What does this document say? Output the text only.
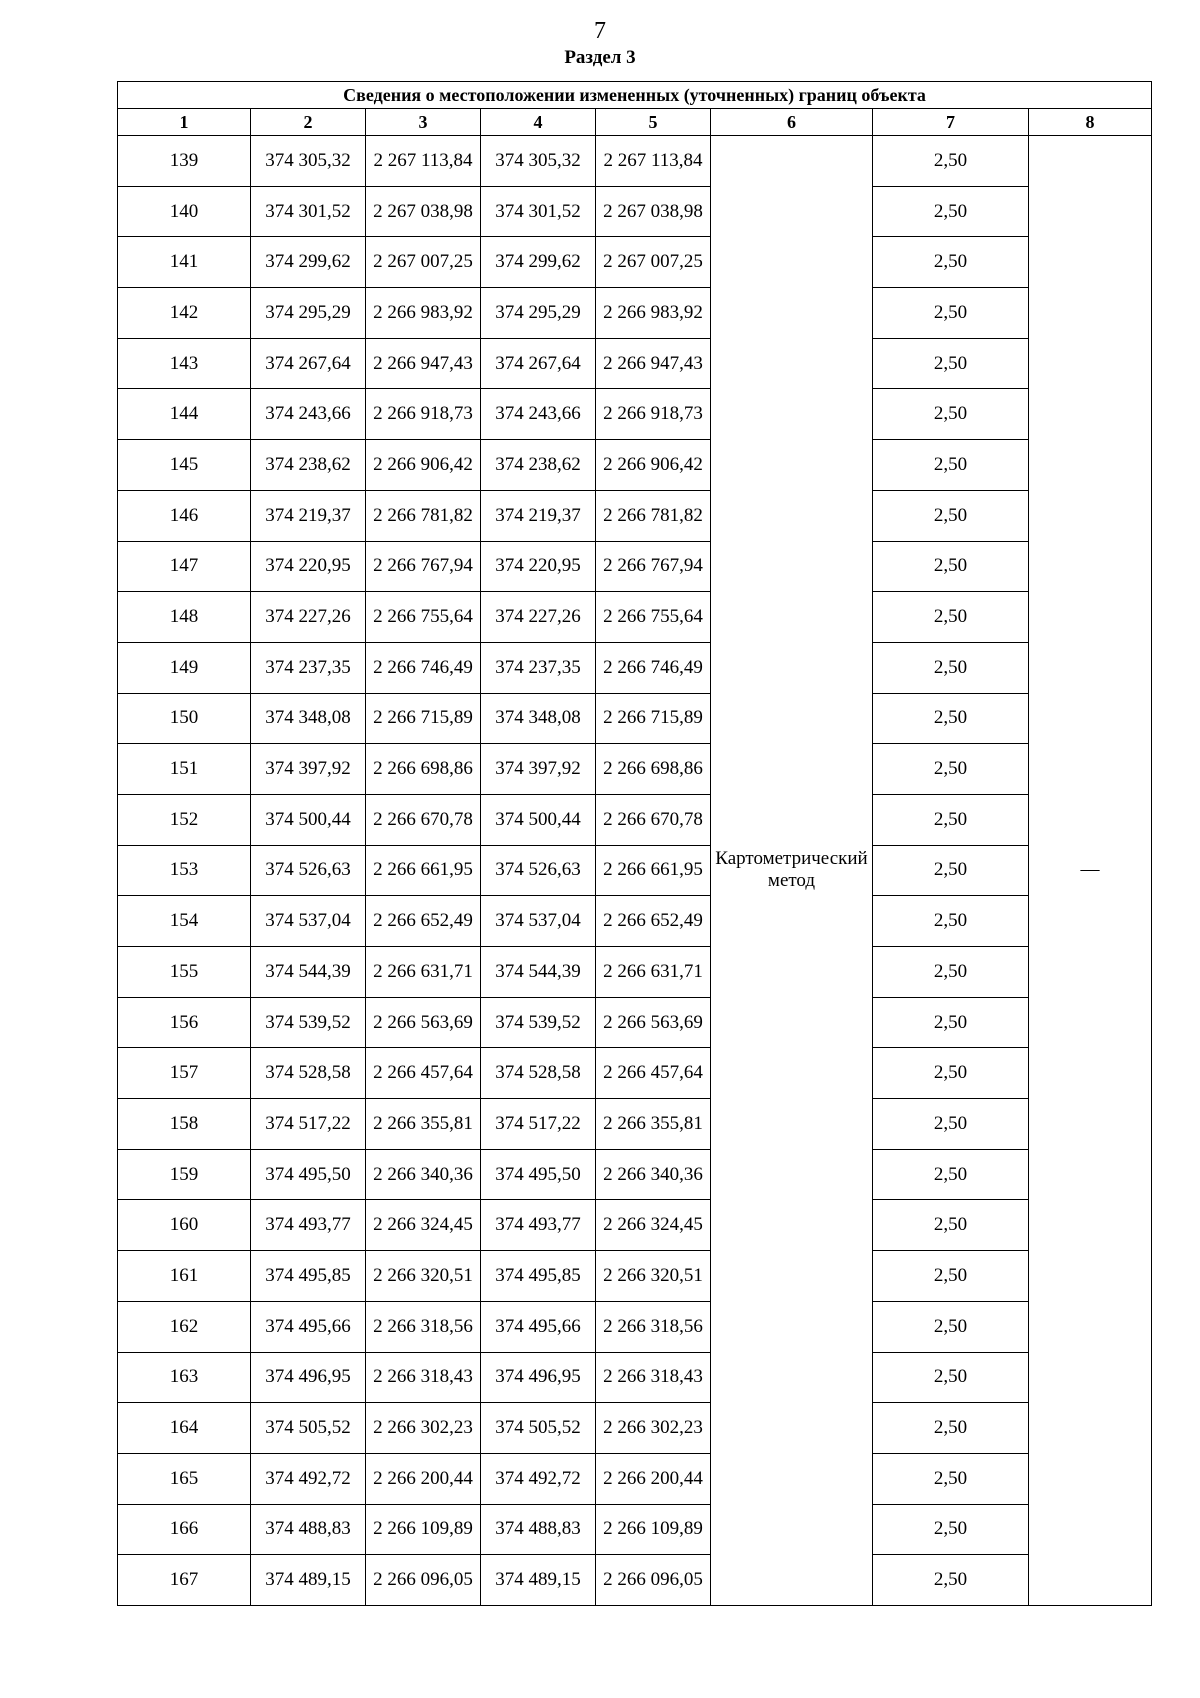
7
Раздел 3
Сведения о местоположении измененных (уточненных) границ объекта							
1	2	3	4	5	6	7	8
139	374 305,32	2 267 113,84	374 305,32	2 267 113,84	Картометрический метод	2,50	—
140	374 301,52	2 267 038,98	374 301,52	2 267 038,98		2,50	
141	374 299,62	2 267 007,25	374 299,62	2 267 007,25		2,50	
142	374 295,29	2 266 983,92	374 295,29	2 266 983,92		2,50	
143	374 267,64	2 266 947,43	374 267,64	2 266 947,43		2,50	
144	374 243,66	2 266 918,73	374 243,66	2 266 918,73		2,50	
145	374 238,62	2 266 906,42	374 238,62	2 266 906,42		2,50	
146	374 219,37	2 266 781,82	374 219,37	2 266 781,82		2,50	
147	374 220,95	2 266 767,94	374 220,95	2 266 767,94		2,50	
148	374 227,26	2 266 755,64	374 227,26	2 266 755,64		2,50	
149	374 237,35	2 266 746,49	374 237,35	2 266 746,49		2,50	
150	374 348,08	2 266 715,89	374 348,08	2 266 715,89		2,50	
151	374 397,92	2 266 698,86	374 397,92	2 266 698,86		2,50	
152	374 500,44	2 266 670,78	374 500,44	2 266 670,78		2,50	
153	374 526,63	2 266 661,95	374 526,63	2 266 661,95		2,50	
154	374 537,04	2 266 652,49	374 537,04	2 266 652,49		2,50	
155	374 544,39	2 266 631,71	374 544,39	2 266 631,71		2,50	
156	374 539,52	2 266 563,69	374 539,52	2 266 563,69		2,50	
157	374 528,58	2 266 457,64	374 528,58	2 266 457,64		2,50	
158	374 517,22	2 266 355,81	374 517,22	2 266 355,81		2,50	
159	374 495,50	2 266 340,36	374 495,50	2 266 340,36		2,50	
160	374 493,77	2 266 324,45	374 493,77	2 266 324,45		2,50	
161	374 495,85	2 266 320,51	374 495,85	2 266 320,51		2,50	
162	374 495,66	2 266 318,56	374 495,66	2 266 318,56		2,50	
163	374 496,95	2 266 318,43	374 496,95	2 266 318,43		2,50	
164	374 505,52	2 266 302,23	374 505,52	2 266 302,23		2,50	
165	374 492,72	2 266 200,44	374 492,72	2 266 200,44		2,50	
166	374 488,83	2 266 109,89	374 488,83	2 266 109,89		2,50	
167	374 489,15	2 266 096,05	374 489,15	2 266 096,05		2,50	
